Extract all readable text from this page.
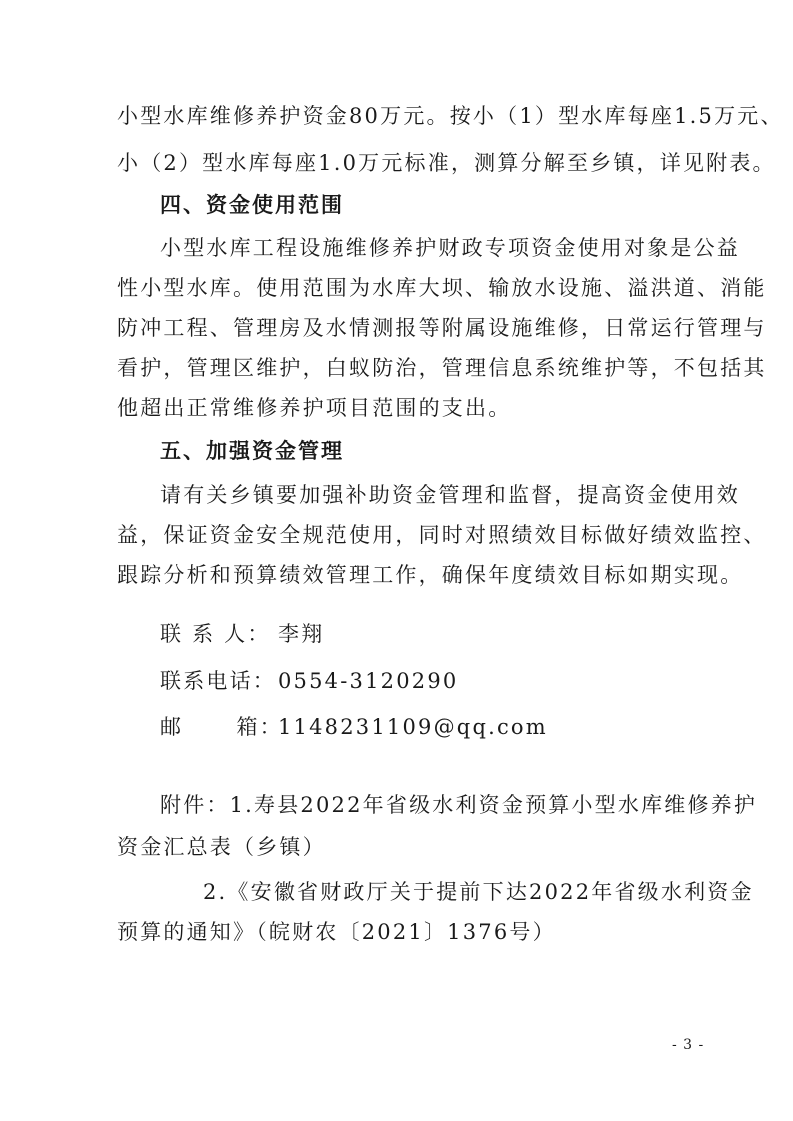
小型水库维修养护资金80万元。按小（1）型水库每座1.5万元、
小（2）型水库每座1.0万元标准，测算分解至乡镇，详见附表。
四、资金使用范围
小型水库工程设施维修养护财政专项资金使用对象是公益
性小型水库。使用范围为水库大坝、输放水设施、溢洪道、消能
防冲工程、管理房及水情测报等附属设施维修，日常运行管理与
看护，管理区维护，白蚁防治，管理信息系统维护等，不包括其
他超出正常维修养护项目范围的支出。
五、加强资金管理
请有关乡镇要加强补助资金管理和监督，提高资金使用效
益，保证资金安全规范使用，同时对照绩效目标做好绩效监控、
跟踪分析和预算绩效管理工作，确保年度绩效目标如期实现。
联 系 人： 李翔
联系电话：0554-3120290
邮      箱：1148231109@qq.com
附件：1.寿县2022年省级水利资金预算小型水库维修养护
资金汇总表（乡镇）
2.《安徽省财政厅关于提前下达2022年省级水利资金
预算的通知》（皖财农〔2021〕1376号）
- 3 -
